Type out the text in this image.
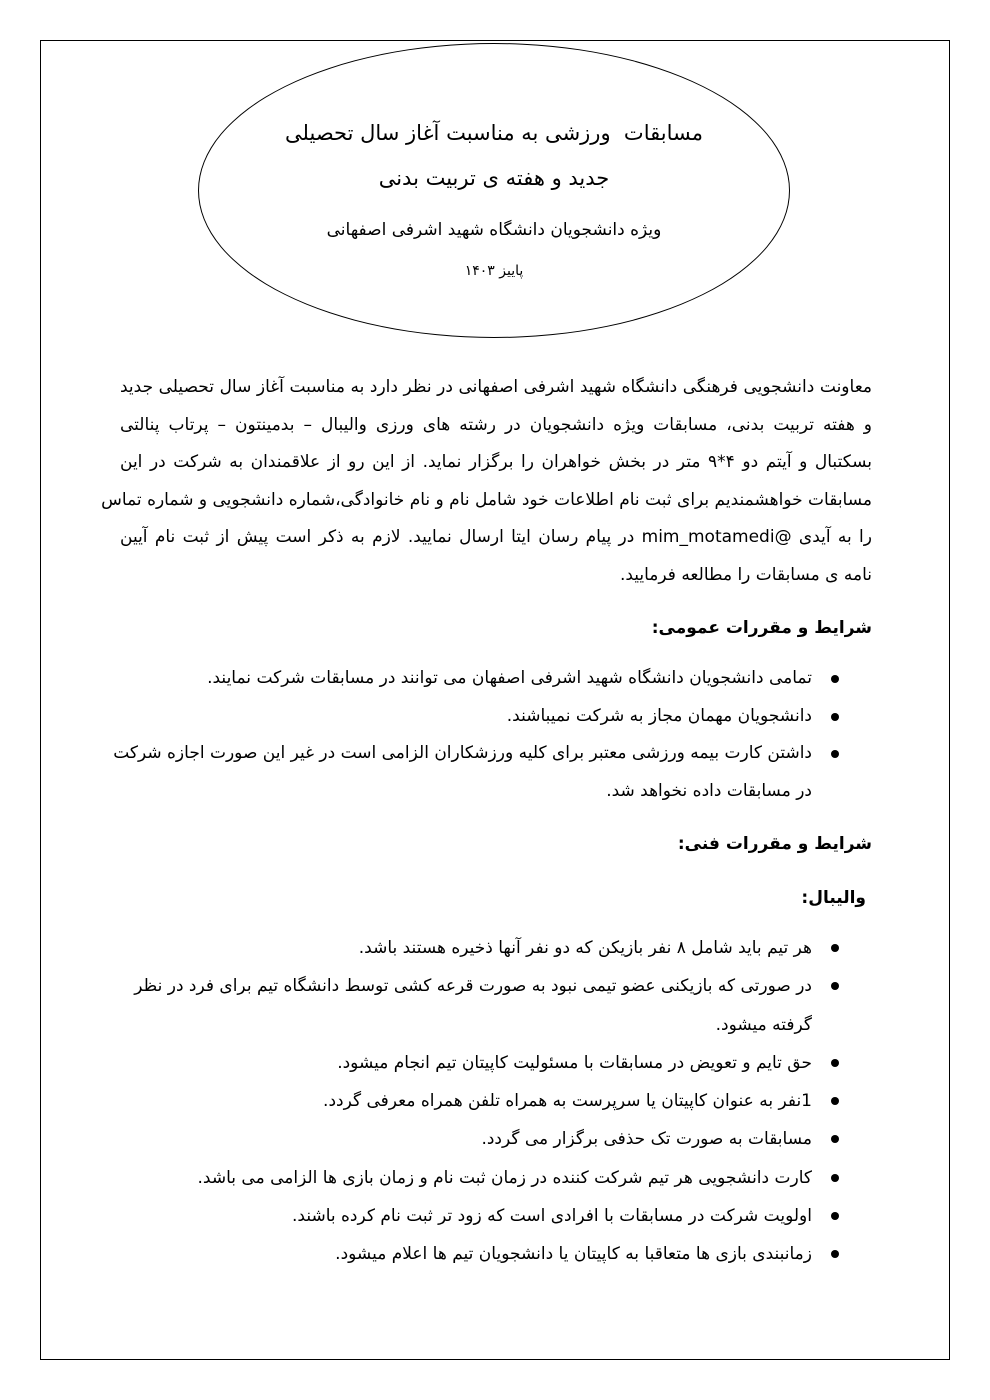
مسابقات  ورزشی به مناسبت آغاز سال تحصیلی
جدید و هفته ی تربیت بدنی
ویژه دانشجویان دانشگاه شهید اشرفی اصفهانی
پاییز ۱۴۰۳
معاونت دانشجویی فرهنگی دانشگاه شهید اشرفی اصفهانی در نظر دارد به مناسبت آغاز سال تحصیلی جدید
و هفته تربیت بدنی، مسابقات ویژه دانشجویان در رشته های ورزی والیبال – بدمینتون – پرتاب پنالتی
بسکتبال و آیتم دو ۴*۹ متر در بخش خواهران را برگزار نماید. از این رو از علاقمندان به شرکت در این
مسابقات خواهشمندیم برای ثبت نام اطلاعات خود شامل نام و نام خانوادگی،شماره دانشجویی و شماره تماس
را به آیدی @mim_motamedi در پیام رسان ایتا ارسال نمایید. لازم به ذکر است پیش از ثبت نام آیین
نامه ی مسابقات را مطالعه فرمایید.
شرایط و مقررات عمومی:
تمامی دانشجویان دانشگاه شهید اشرفی اصفهان می توانند در مسابقات شرکت نمایند.
دانشجویان مهمان مجاز به شرکت نمیباشند.
داشتن کارت بیمه ورزشی معتبر برای کلیه ورزشکاران الزامی است در غیر این صورت اجازه شرکت
در مسابقات داده نخواهد شد.
شرایط و مقررات فنی:
والیبال:
هر تیم باید شامل ۸ نفر بازیکن که دو نفر آنها ذخیره هستند باشد.
در صورتی که بازیکنی عضو تیمی نبود به صورت قرعه کشی توسط دانشگاه تیم برای فرد در نظر
گرفته میشود.
حق تایم و تعویض در مسابقات با مسئولیت کاپیتان تیم انجام میشود.
1نفر به عنوان کاپیتان یا سرپرست به همراه تلفن همراه معرفی گردد.
مسابقات به صورت تک حذفی برگزار می گردد.
کارت دانشجویی هر تیم شرکت کننده در زمان ثبت نام و زمان بازی ها الزامی می باشد.
اولویت شرکت در مسابقات با افرادی است که زود تر ثبت نام کرده باشند.
زمانبندی بازی ها متعاقبا به کاپیتان یا دانشجویان تیم ها اعلام میشود.
